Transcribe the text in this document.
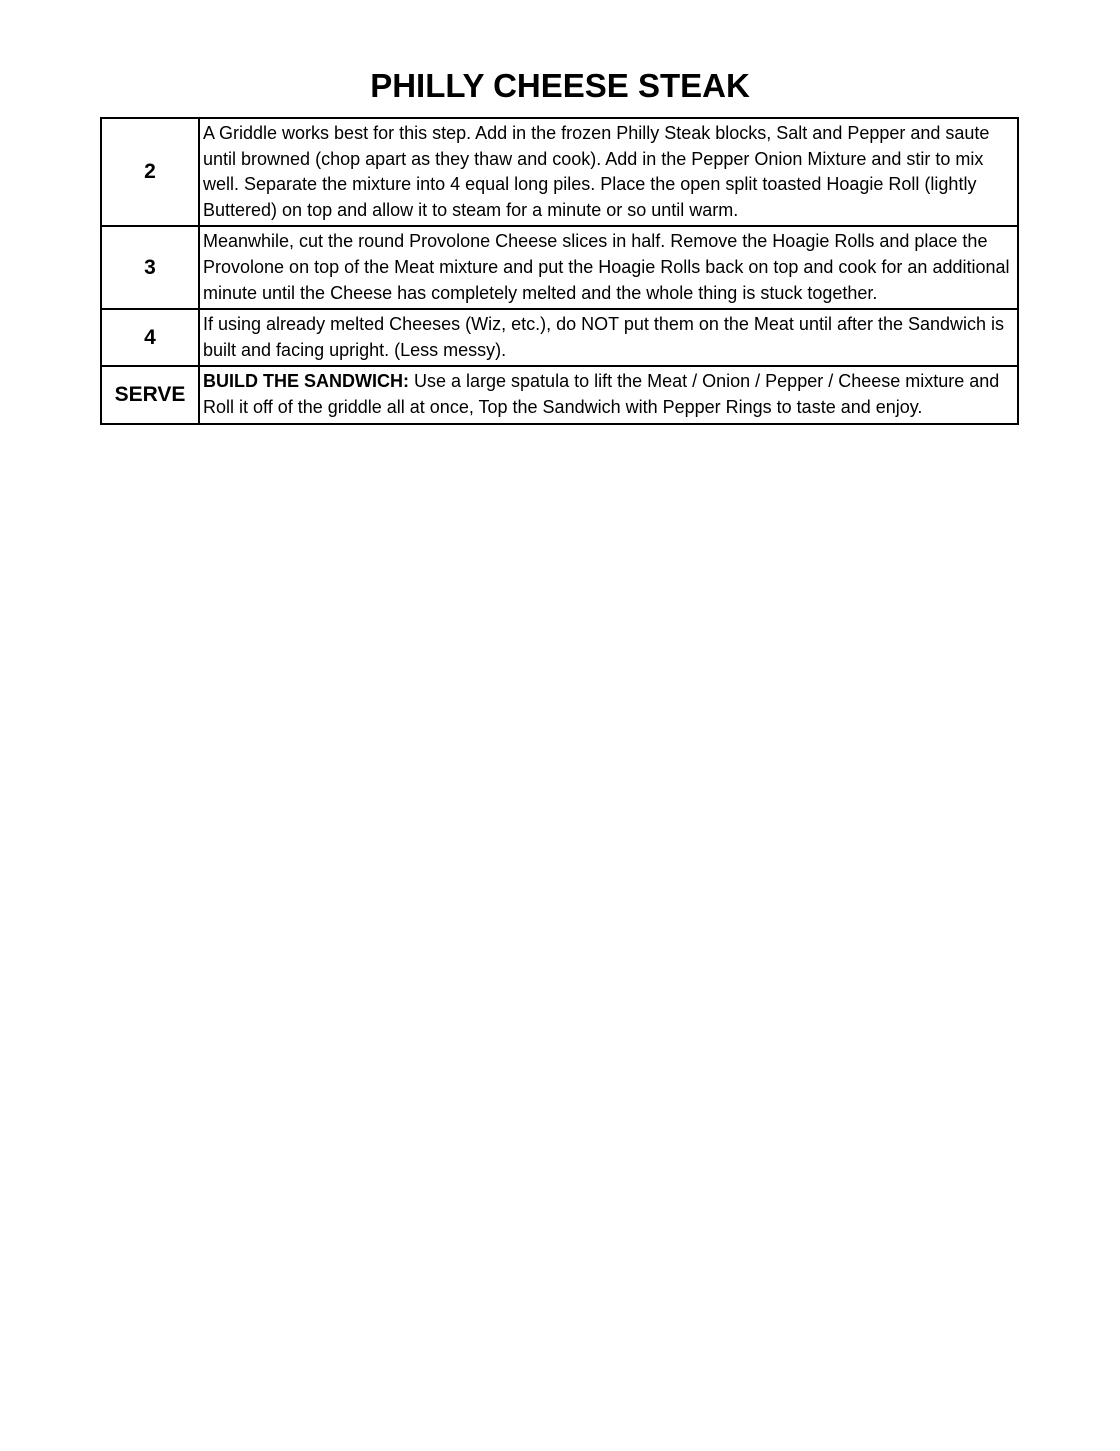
PHILLY CHEESE STEAK
2	A Griddle works best for this step. Add in the frozen Philly Steak blocks, Salt and Pepper and saute until browned (chop apart as they thaw and cook). Add in the Pepper Onion Mixture and stir to mix well. Separate the mixture into 4 equal long piles. Place the open split toasted Hoagie Roll (lightly Buttered) on top and allow it to steam for a minute or so until warm.
3	Meanwhile, cut the round Provolone Cheese slices in half. Remove the Hoagie Rolls and place the Provolone on top of the Meat mixture and put the Hoagie Rolls back on top and cook for an additional minute until the Cheese has completely melted and the whole thing is stuck together.
4	If using already melted Cheeses (Wiz, etc.), do NOT put them on the Meat until after the Sandwich is built and facing upright. (Less messy).
SERVE	BUILD THE SANDWICH: Use a large spatula to lift the Meat / Onion / Pepper / Cheese mixture and Roll it off of the griddle all at once, Top the Sandwich with Pepper Rings to taste and enjoy.
